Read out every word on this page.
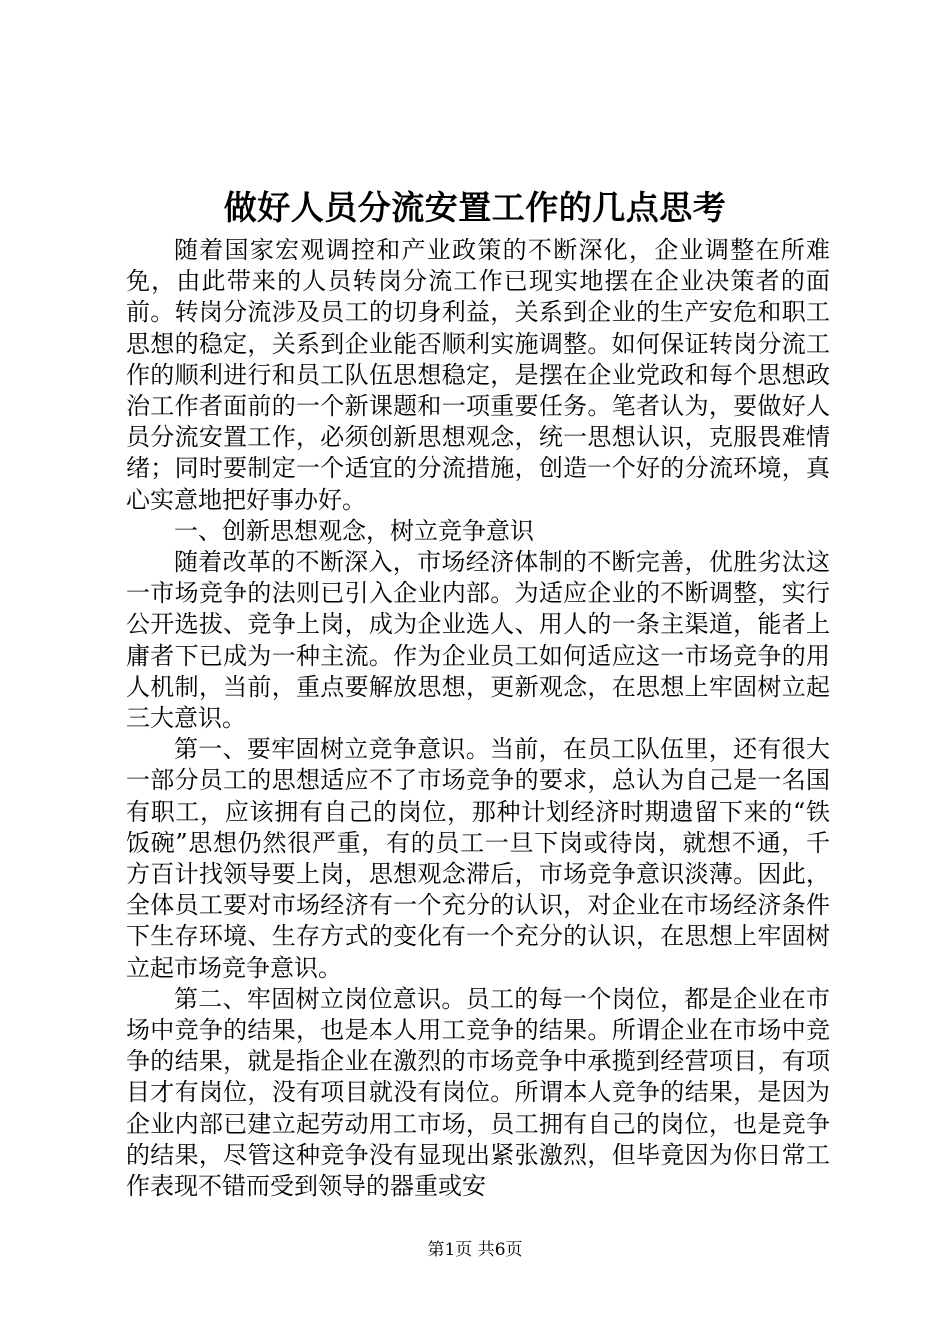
做好人员分流安置工作的几点思考

随着国家宏观调控和产业政策的不断深化，企业调整在所难免，由此带来的人员转岗分流工作已现实地摆在企业决策者的面前。转岗分流涉及员工的切身利益，关系到企业的生产安危和职工思想的稳定，关系到企业能否顺利实施调整。如何保证转岗分流工作的顺利进行和员工队伍思想稳定，是摆在企业党政和每个思想政治工作者面前的一个新课题和一项重要任务。笔者认为，要做好人员分流安置工作，必须创新思想观念，统一思想认识，克服畏难情绪；同时要制定一个适宜的分流措施，创造一个好的分流环境，真心实意地把好事办好。

一、创新思想观念，树立竞争意识

随着改革的不断深入，市场经济体制的不断完善，优胜劣汰这一市场竞争的法则已引入企业内部。为适应企业的不断调整，实行公开选拔、竞争上岗，成为企业选人、用人的一条主渠道，能者上庸者下已成为一种主流。作为企业员工如何适应这一市场竞争的用人机制，当前，重点要解放思想，更新观念，在思想上牢固树立起三大意识。

第一、要牢固树立竞争意识。当前，在员工队伍里，还有很大一部分员工的思想适应不了市场竞争的要求，总认为自己是一名国有职工，应该拥有自己的岗位，那种计划经济时期遗留下来的“铁饭碗”思想仍然很严重，有的员工一旦下岗或待岗，就想不通，千方百计找领导要上岗，思想观念滞后，市场竞争意识淡薄。因此，全体员工要对市场经济有一个充分的认识，对企业在市场经济条件下生存环境、生存方式的变化有一个充分的认识，在思想上牢固树立起市场竞争意识。

第二、牢固树立岗位意识。员工的每一个岗位，都是企业在市场中竞争的结果，也是本人用工竞争的结果。所谓企业在市场中竞争的结果，就是指企业在激烈的市场竞争中承揽到经营项目，有项目才有岗位，没有项目就没有岗位。所谓本人竞争的结果，是因为企业内部已建立起劳动用工市场，员工拥有自己的岗位，也是竞争的结果，尽管这种竞争没有显现出紧张激烈，但毕竟因为你日常工作表现不错而受到领导的器重或安

第1页 共6页
